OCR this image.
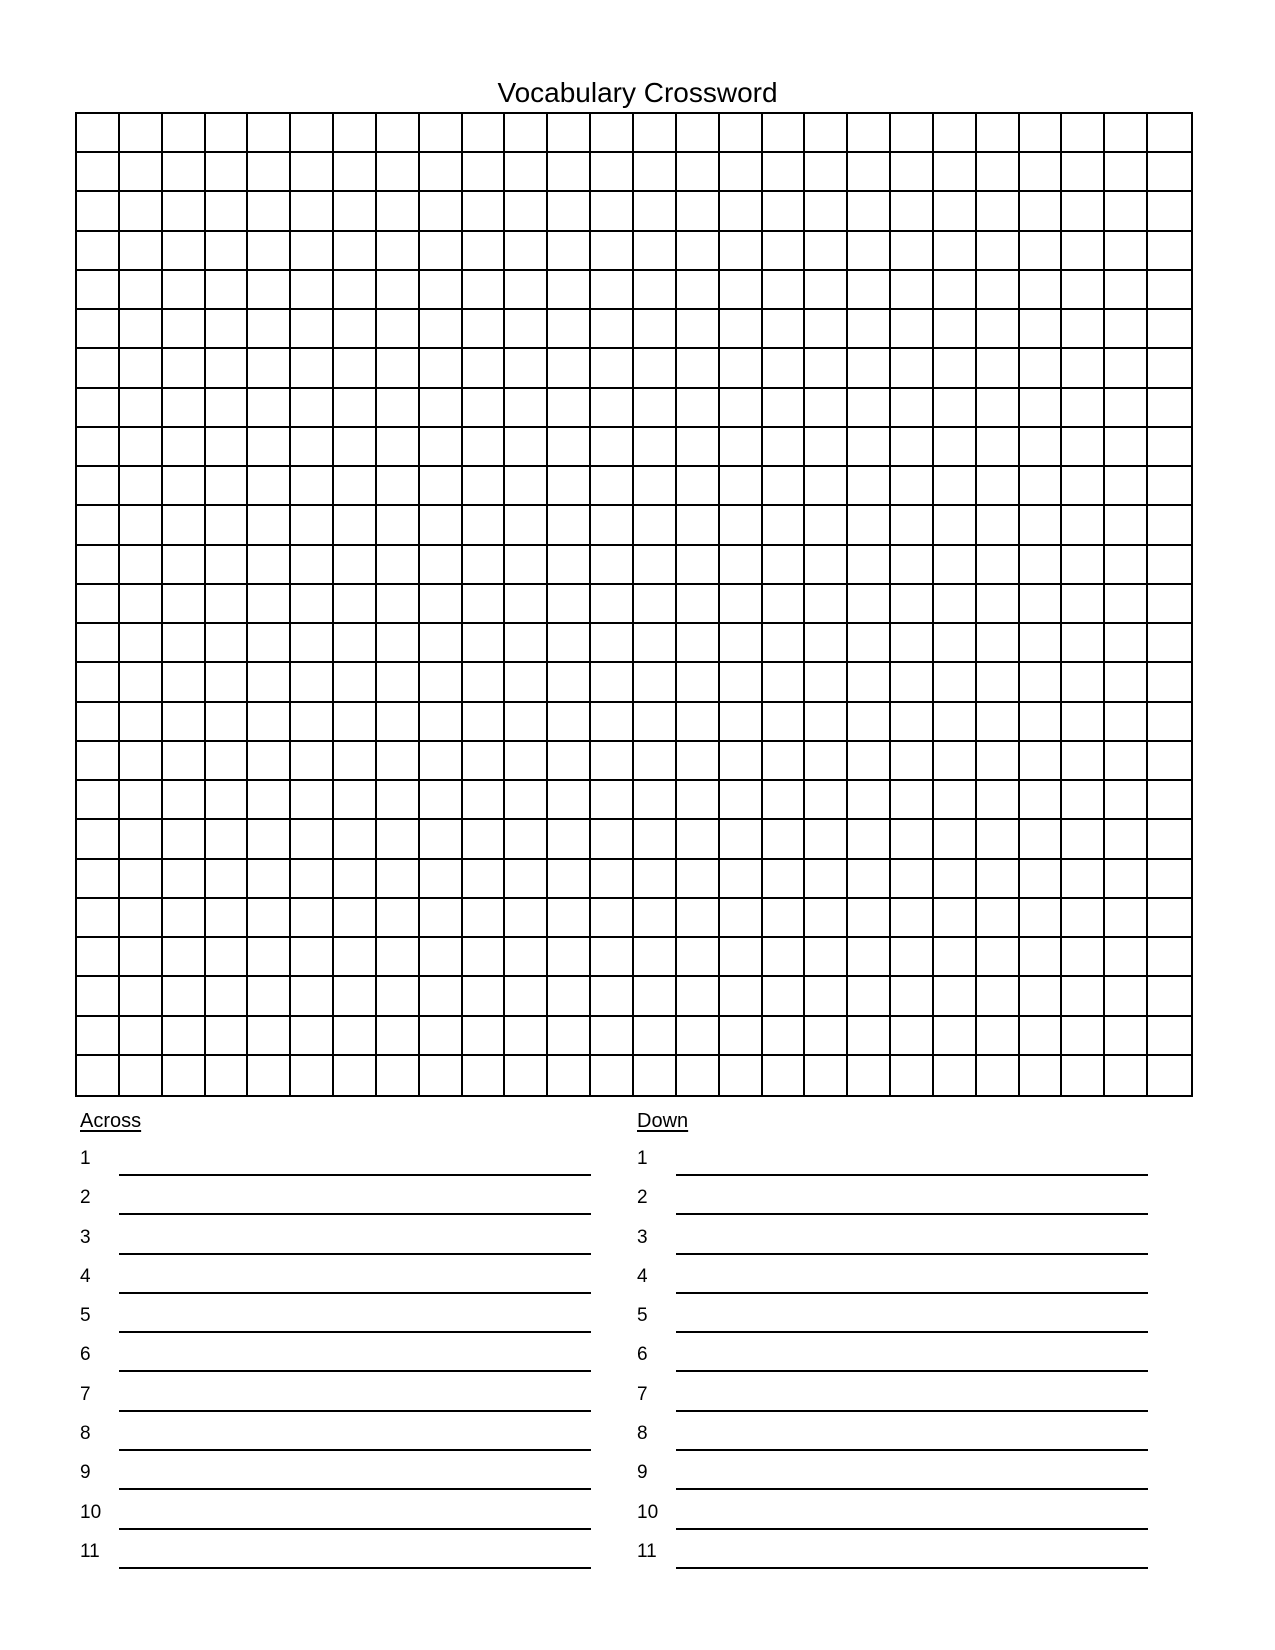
Vocabulary Crossword
Across
1
2
3
4
5
6
7
8
9
10
11
Down
1
2
3
4
5
6
7
8
9
10
11
